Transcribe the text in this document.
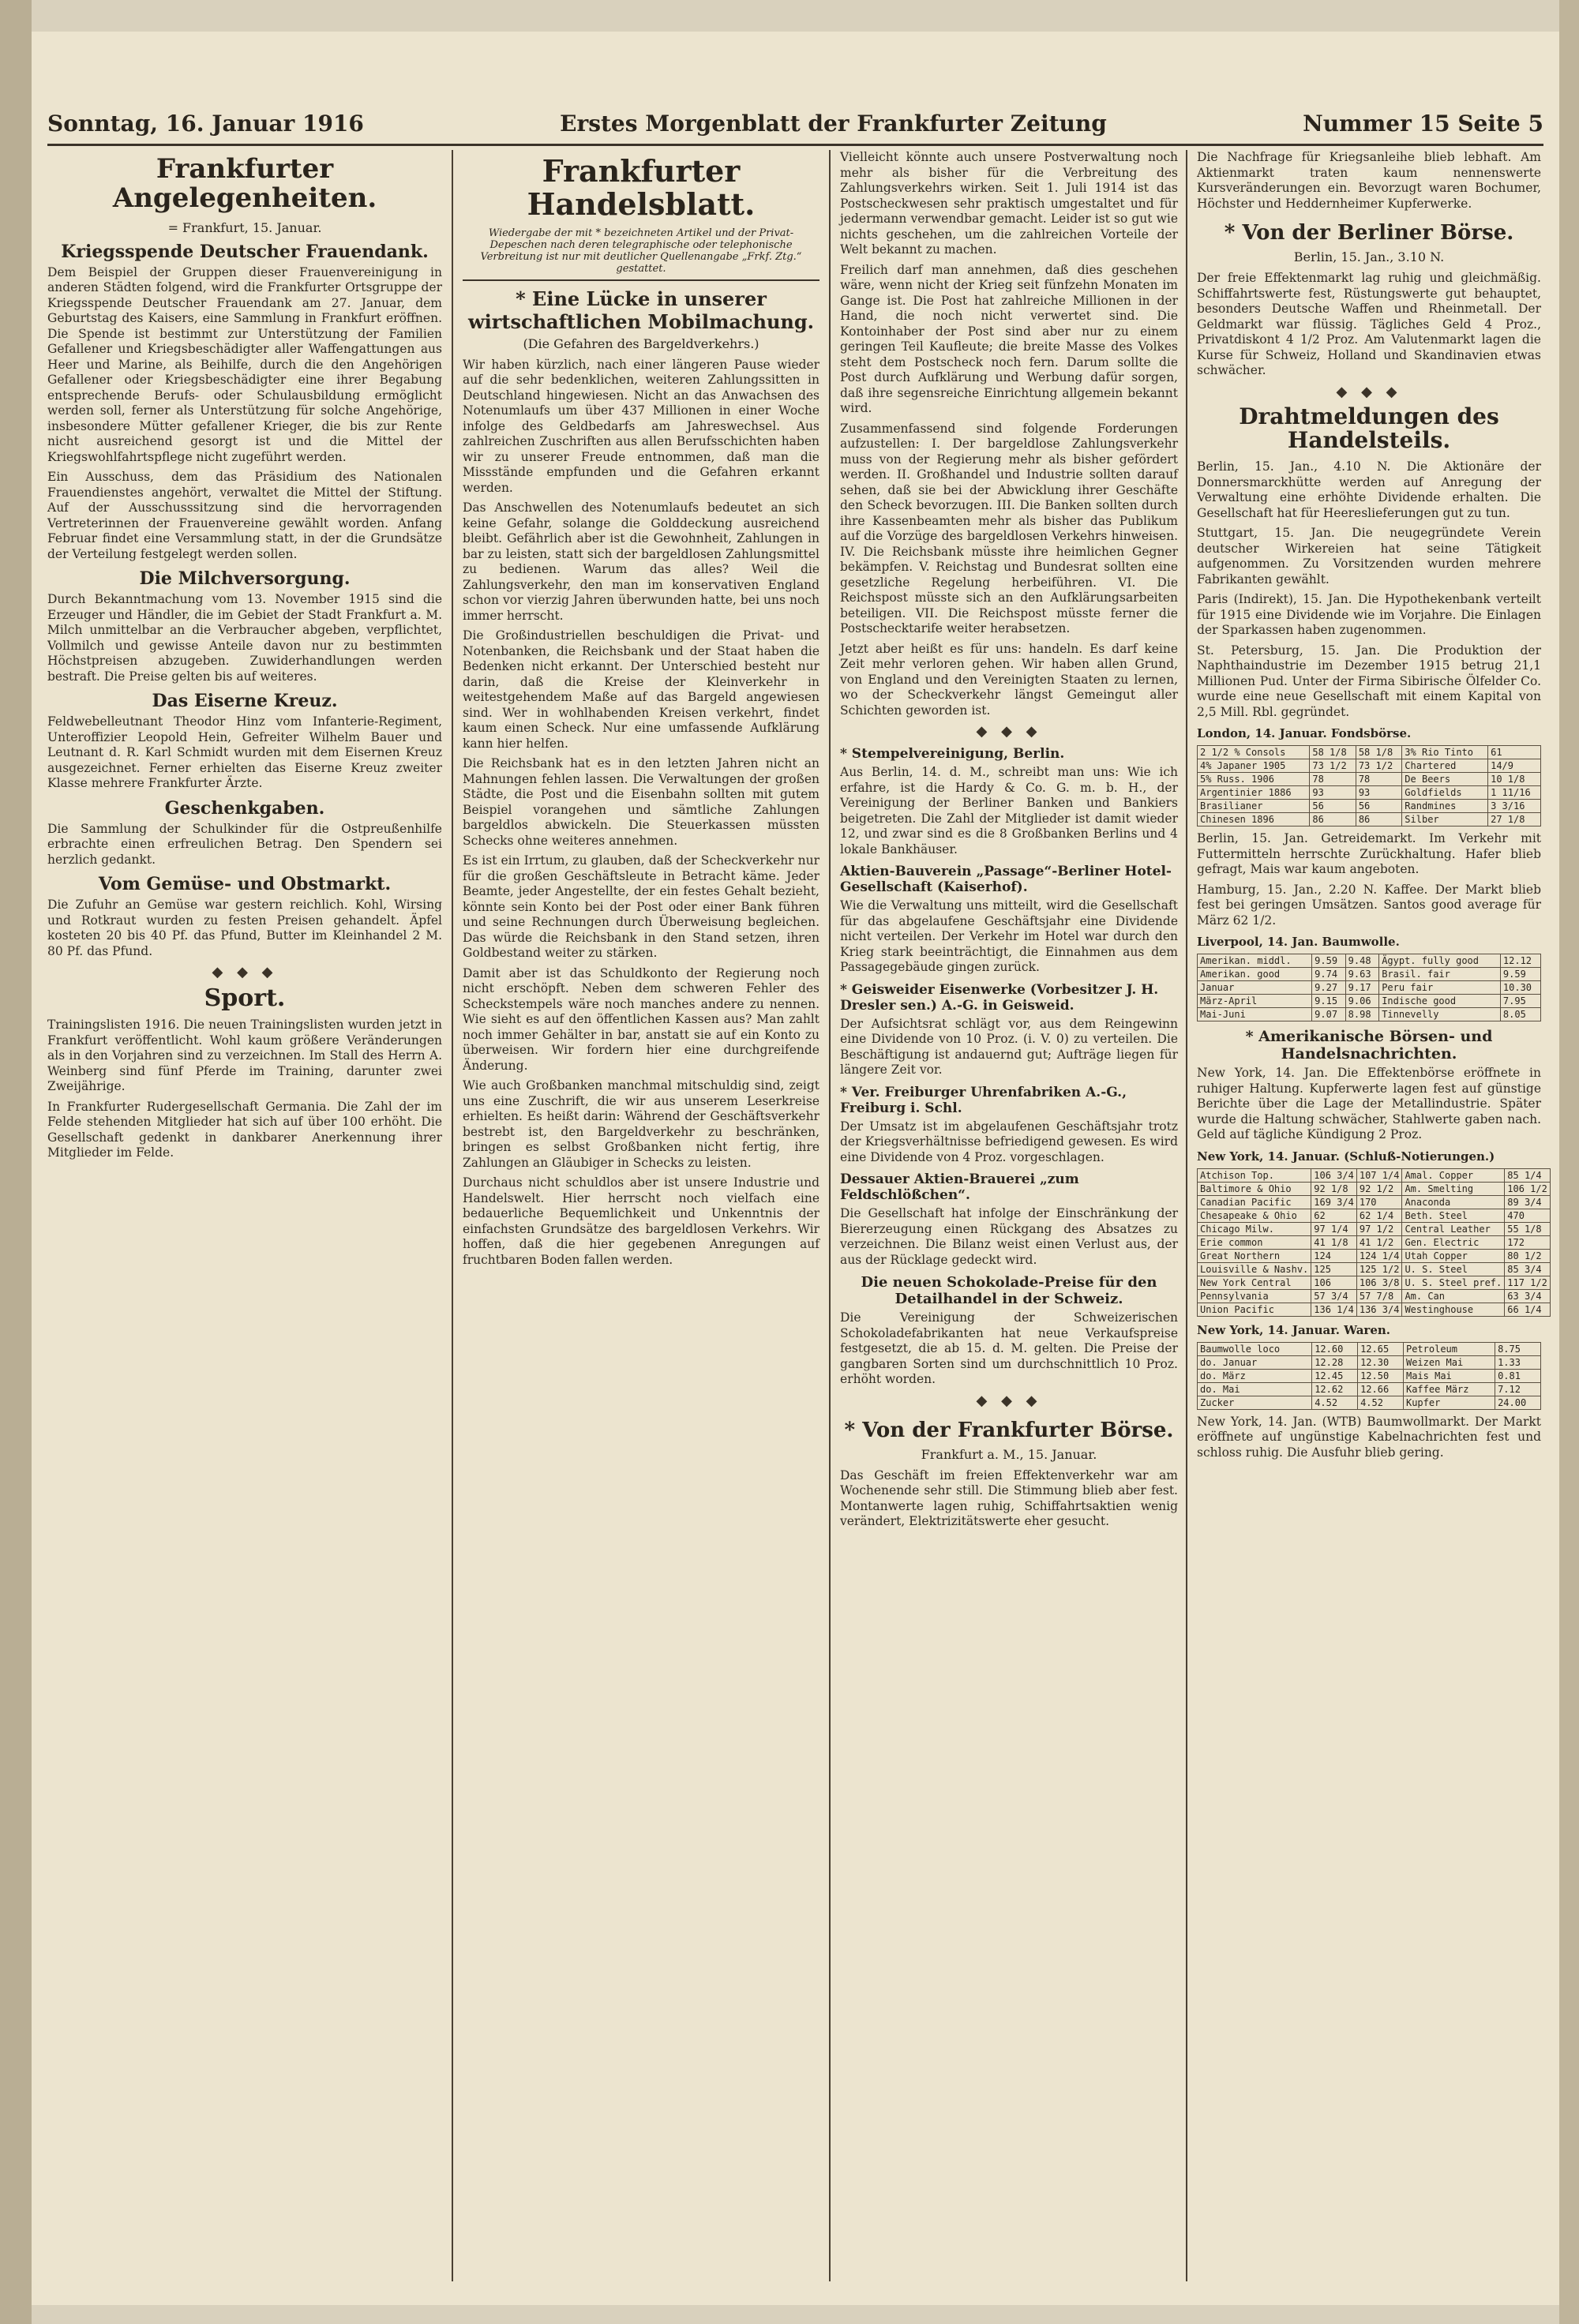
Sonntag, 16. Januar 1916	Erstes Morgenblatt der Frankfurter Zeitung	Nummer 15 Seite 5
Frankfurter Angelegenheiten.
= Frankfurt, 15. Januar.
Kriegsspende Deutscher Frauendank.

Dem Beispiel der Gruppen dieser Frauenvereinigung in anderen Städten folgend, wird die Frankfurter Ortsgruppe der Kriegsspende Deutscher Frauendank am 27. Januar, dem Geburtstag des Kaisers, eine Sammlung in Frankfurt eröffnen. Die Spende ist bestimmt zur Unterstützung der Familien Gefallener und Kriegsbeschädigter aller Waffengattungen aus Heer und Marine, als Beihilfe, durch die den Angehörigen Gefallener oder Kriegsbeschädigter eine ihrer Begabung entsprechende Berufs- oder Schulausbildung ermöglicht werden soll, ferner als Unterstützung für solche Angehörige, insbesondere Mütter gefallener Krieger, die bis zur Rente nicht ausreichend gesorgt ist und die Mittel der Kriegswohlfahrtspflege nicht zugeführt werden.

Ein Ausschuss, dem das Präsidium des Nationalen Frauendienstes angehört, verwaltet die Mittel der Stiftung. Auf der Ausschusssitzung sind die hervorragenden Vertreterinnen der Frauenvereine gewählt worden. Anfang Februar findet eine Versammlung statt, in der die Grundsätze der Verteilung festgelegt werden sollen.

Die Milchversorgung.

Durch Bekanntmachung vom 13. November 1915 sind die Erzeuger und Händler, die im Gebiet der Stadt Frankfurt a. M. Milch unmittelbar an die Verbraucher abgeben, verpflichtet, Vollmilch und gewisse Anteile davon nur zu bestimmten Höchstpreisen abzugeben. Zuwiderhandlungen werden bestraft. Die Preise gelten bis auf weiteres.

Das Eiserne Kreuz.

Feldwebelleutnant Theodor Hinz vom Infanterie-Regiment, Unteroffizier Leopold Hein, Gefreiter Wilhelm Bauer und Leutnant d. R. Karl Schmidt wurden mit dem Eisernen Kreuz ausgezeichnet. Ferner erhielten das Eiserne Kreuz zweiter Klasse mehrere Frankfurter Ärzte.

Geschenkgaben.

Die Sammlung der Schulkinder für die Ostpreußenhilfe erbrachte einen erfreulichen Betrag. Den Spendern sei herzlich gedankt.

Vom Gemüse- und Obstmarkt.

Die Zufuhr an Gemüse war gestern reichlich. Kohl, Wirsing und Rotkraut wurden zu festen Preisen gehandelt. Äpfel kosteten 20 bis 40 Pf. das Pfund, Butter im Kleinhandel 2 M. 80 Pf. das Pfund.

◆ ◆ ◆
Sport.

Trainingslisten 1916. Die neuen Trainingslisten wurden jetzt in Frankfurt veröffentlicht. Wohl kaum größere Veränderungen als in den Vorjahren sind zu verzeichnen. Im Stall des Herrn A. Weinberg sind fünf Pferde im Training, darunter zwei Zweijährige.

In Frankfurter Rudergesellschaft Germania. Die Zahl der im Felde stehenden Mitglieder hat sich auf über 100 erhöht. Die Gesellschaft gedenkt in dankbarer Anerkennung ihrer Mitglieder im Felde.

Frankfurter Handelsblatt.
Wiedergabe der mit * bezeichneten Artikel und der Privat-Depeschen nach deren telegraphische oder telephonische Verbreitung ist nur mit deutlicher Quellenangabe „Frkf. Ztg.“ gestattet.
* Eine Lücke in unserer wirtschaftlichen Mobilmachung.
(Die Gefahren des Bargeldverkehrs.)

Wir haben kürzlich, nach einer längeren Pause wieder auf die sehr bedenklichen, weiteren Zahlungssitten in Deutschland hingewiesen. Nicht an das Anwachsen des Notenumlaufs um über 437 Millionen in einer Woche infolge des Geldbedarfs am Jahreswechsel. Aus zahlreichen Zuschriften aus allen Berufsschichten haben wir zu unserer Freude entnommen, daß man die Missstände empfunden und die Gefahren erkannt werden.

Das Anschwellen des Notenumlaufs bedeutet an sich keine Gefahr, solange die Golddeckung ausreichend bleibt. Gefährlich aber ist die Gewohnheit, Zahlungen in bar zu leisten, statt sich der bargeldlosen Zahlungsmittel zu bedienen. Warum das alles? Weil die Zahlungsverkehr, den man im konservativen England schon vor vierzig Jahren überwunden hatte, bei uns noch immer herrscht.

Die Großindustriellen beschuldigen die Privat- und Notenbanken, die Reichsbank und der Staat haben die Bedenken nicht erkannt. Der Unterschied besteht nur darin, daß die Kreise der Kleinverkehr in weitestgehendem Maße auf das Bargeld angewiesen sind. Wer in wohlhabenden Kreisen verkehrt, findet kaum einen Scheck. Nur eine umfassende Aufklärung kann hier helfen.

Die Reichsbank hat es in den letzten Jahren nicht an Mahnungen fehlen lassen. Die Verwaltungen der großen Städte, die Post und die Eisenbahn sollten mit gutem Beispiel vorangehen und sämtliche Zahlungen bargeldlos abwickeln. Die Steuerkassen müssten Schecks ohne weiteres annehmen.

Es ist ein Irrtum, zu glauben, daß der Scheckverkehr nur für die großen Geschäftsleute in Betracht käme. Jeder Beamte, jeder Angestellte, der ein festes Gehalt bezieht, könnte sein Konto bei der Post oder einer Bank führen und seine Rechnungen durch Überweisung begleichen. Das würde die Reichsbank in den Stand setzen, ihren Goldbestand weiter zu stärken.

Damit aber ist das Schuldkonto der Regierung noch nicht erschöpft. Neben dem schweren Fehler des Scheckstempels wäre noch manches andere zu nennen. Wie sieht es auf den öffentlichen Kassen aus? Man zahlt noch immer Gehälter in bar, anstatt sie auf ein Konto zu überweisen. Wir fordern hier eine durchgreifende Änderung.

Wie auch Großbanken manchmal mitschuldig sind, zeigt uns eine Zuschrift, die wir aus unserem Leserkreise erhielten. Es heißt darin: Während der Geschäftsverkehr bestrebt ist, den Bargeldverkehr zu beschränken, bringen es selbst Großbanken nicht fertig, ihre Zahlungen an Gläubiger in Schecks zu leisten.

Durchaus nicht schuldlos aber ist unsere Industrie und Handelswelt. Hier herrscht noch vielfach eine bedauerliche Bequemlichkeit und Unkenntnis der einfachsten Grundsätze des bargeldlosen Verkehrs. Wir hoffen, daß die hier gegebenen Anregungen auf fruchtbaren Boden fallen werden.

Vielleicht könnte auch unsere Postverwaltung noch mehr als bisher für die Verbreitung des Zahlungsverkehrs wirken. Seit 1. Juli 1914 ist das Postscheckwesen sehr praktisch umgestaltet und für jedermann verwendbar gemacht. Leider ist so gut wie nichts geschehen, um die zahlreichen Vorteile der Welt bekannt zu machen.

Freilich darf man annehmen, daß dies geschehen wäre, wenn nicht der Krieg seit fünfzehn Monaten im Gange ist. Die Post hat zahlreiche Millionen in der Hand, die noch nicht verwertet sind. Die Kontoinhaber der Post sind aber nur zu einem geringen Teil Kaufleute; die breite Masse des Volkes steht dem Postscheck noch fern. Darum sollte die Post durch Aufklärung und Werbung dafür sorgen, daß ihre segensreiche Einrichtung allgemein bekannt wird.

Zusammenfassend sind folgende Forderungen aufzustellen: I. Der bargeldlose Zahlungsverkehr muss von der Regierung mehr als bisher gefördert werden. II. Großhandel und Industrie sollten darauf sehen, daß sie bei der Abwicklung ihrer Geschäfte den Scheck bevorzugen. III. Die Banken sollten durch ihre Kassenbeamten mehr als bisher das Publikum auf die Vorzüge des bargeldlosen Verkehrs hinweisen. IV. Die Reichsbank müsste ihre heimlichen Gegner bekämpfen. V. Reichstag und Bundesrat sollten eine gesetzliche Regelung herbeiführen. VI. Die Reichspost müsste sich an den Aufklärungsarbeiten beteiligen. VII. Die Reichspost müsste ferner die Postschecktarife weiter herabsetzen.

Jetzt aber heißt es für uns: handeln. Es darf keine Zeit mehr verloren gehen. Wir haben allen Grund, von England und den Vereinigten Staaten zu lernen, wo der Scheckverkehr längst Gemeingut aller Schichten geworden ist.

◆ ◆ ◆
* Stempelvereinigung, Berlin.

Aus Berlin, 14. d. M., schreibt man uns: Wie ich erfahre, ist die Hardy & Co. G. m. b. H., der Vereinigung der Berliner Banken und Bankiers beigetreten. Die Zahl der Mitglieder ist damit wieder 12, und zwar sind es die 8 Großbanken Berlins und 4 lokale Bankhäuser.

Aktien-Bauverein „Passage“-Berliner Hotel-Gesellschaft (Kaiserhof).

Wie die Verwaltung uns mitteilt, wird die Gesellschaft für das abgelaufene Geschäftsjahr eine Dividende nicht verteilen. Der Verkehr im Hotel war durch den Krieg stark beeinträchtigt, die Einnahmen aus dem Passagegebäude gingen zurück.

* Geisweider Eisenwerke (Vorbesitzer J. H. Dresler sen.) A.-G. in Geisweid.

Der Aufsichtsrat schlägt vor, aus dem Reingewinn eine Dividende von 10 Proz. (i. V. 0) zu verteilen. Die Beschäftigung ist andauernd gut; Aufträge liegen für längere Zeit vor.

* Ver. Freiburger Uhrenfabriken A.-G., Freiburg i. Schl.

Der Umsatz ist im abgelaufenen Geschäftsjahr trotz der Kriegsverhältnisse befriedigend gewesen. Es wird eine Dividende von 4 Proz. vorgeschlagen.

Dessauer Aktien-Brauerei „zum Feldschlößchen“.

Die Gesellschaft hat infolge der Einschränkung der Biererzeugung einen Rückgang des Absatzes zu verzeichnen. Die Bilanz weist einen Verlust aus, der aus der Rücklage gedeckt wird.

Die neuen Schokolade-Preise für den Detailhandel in der Schweiz.

Die Vereinigung der Schweizerischen Schokoladefabrikanten hat neue Verkaufspreise festgesetzt, die ab 15. d. M. gelten. Die Preise der gangbaren Sorten sind um durchschnittlich 10 Proz. erhöht worden.

◆ ◆ ◆
* Von der Frankfurter Börse.
Frankfurt a. M., 15. Januar.

Das Geschäft im freien Effektenverkehr war am Wochenende sehr still. Die Stimmung blieb aber fest. Montanwerte lagen ruhig, Schiffahrtsaktien wenig verändert, Elektrizitätswerte eher gesucht.

Die Nachfrage für Kriegsanleihe blieb lebhaft. Am Aktienmarkt traten kaum nennenswerte Kursveränderungen ein. Bevorzugt waren Bochumer, Höchster und Heddernheimer Kupferwerke.

* Von der Berliner Börse.
Berlin, 15. Jan., 3.10 N.

Der freie Effektenmarkt lag ruhig und gleichmäßig. Schiffahrtswerte fest, Rüstungswerte gut behauptet, besonders Deutsche Waffen und Rheinmetall. Der Geldmarkt war flüssig. Tägliches Geld 4 Proz., Privatdiskont 4 1/2 Proz. Am Valutenmarkt lagen die Kurse für Schweiz, Holland und Skandinavien etwas schwächer.

◆ ◆ ◆
Drahtmeldungen des Handelsteils.

Berlin, 15. Jan., 4.10 N. Die Aktionäre der Donnersmarckhütte werden auf Anregung der Verwaltung eine erhöhte Dividende erhalten. Die Gesellschaft hat für Heereslieferungen gut zu tun.

Stuttgart, 15. Jan. Die neugegründete Verein deutscher Wirkereien hat seine Tätigkeit aufgenommen. Zu Vorsitzenden wurden mehrere Fabrikanten gewählt.

Paris (Indirekt), 15. Jan. Die Hypothekenbank verteilt für 1915 eine Dividende wie im Vorjahre. Die Einlagen der Sparkassen haben zugenommen.

St. Petersburg, 15. Jan. Die Produktion der Naphthaindustrie im Dezember 1915 betrug 21,1 Millionen Pud. Unter der Firma Sibirische Ölfelder Co. wurde eine neue Gesellschaft mit einem Kapital von 2,5 Mill. Rbl. gegründet.

London, 14. Januar. Fondsbörse.
2 1/2 % Consols	58 1/8	58 1/8	3% Rio Tinto	61
4% Japaner 1905	73 1/2	73 1/2	Chartered	14/9
5% Russ. 1906	78	78	De Beers	10 1/8
Argentinier 1886	93	93	Goldfields	1 11/16
Brasilianer	56	56	Randmines	3 3/16
Chinesen 1896	86	86	Silber	27 1/8

Berlin, 15. Jan. Getreidemarkt. Im Verkehr mit Futtermitteln herrschte Zurückhaltung. Hafer blieb gefragt, Mais war kaum angeboten.

Hamburg, 15. Jan., 2.20 N. Kaffee. Der Markt blieb fest bei geringen Umsätzen. Santos good average für März 62 1/2.

Liverpool, 14. Jan. Baumwolle.
Amerikan. middl.	9.59	9.48	Ägypt. fully good	12.12
Amerikan. good	9.74	9.63	Brasil. fair	9.59
Januar	9.27	9.17	Peru fair	10.30
März-April	9.15	9.06	Indische good	7.95
Mai-Juni	9.07	8.98	Tinnevelly	8.05
* Amerikanische Börsen- und Handelsnachrichten.

New York, 14. Jan. Die Effektenbörse eröffnete in ruhiger Haltung. Kupferwerte lagen fest auf günstige Berichte über die Lage der Metallindustrie. Später wurde die Haltung schwächer, Stahlwerte gaben nach. Geld auf tägliche Kündigung 2 Proz.

New York, 14. Januar. (Schluß-Notierungen.)
Atchison Top.	106 3/4	107 1/4	Amal. Copper	85 1/4
Baltimore & Ohio	92 1/8	92 1/2	Am. Smelting	106 1/2
Canadian Pacific	169 3/4	170	Anaconda	89 3/4
Chesapeake & Ohio	62	62 1/4	Beth. Steel	470
Chicago Milw.	97 1/4	97 1/2	Central Leather	55 1/8
Erie common	41 1/8	41 1/2	Gen. Electric	172
Great Northern	124	124 1/4	Utah Copper	80 1/2
Louisville & Nashv.	125	125 1/2	U. S. Steel	85 3/4
New York Central	106	106 3/8	U. S. Steel pref.	117 1/2
Pennsylvania	57 3/4	57 7/8	Am. Can	63 3/4
Union Pacific	136 1/4	136 3/4	Westinghouse	66 1/4
New York, 14. Januar. Waren.
Baumwolle loco	12.60	12.65	Petroleum	8.75
do. Januar	12.28	12.30	Weizen Mai	1.33
do. März	12.45	12.50	Mais Mai	0.81
do. Mai	12.62	12.66	Kaffee März	7.12
Zucker	4.52	4.52	Kupfer	24.00

New York, 14. Jan. (WTB) Baumwollmarkt. Der Markt eröffnete auf ungünstige Kabelnachrichten fest und schloss ruhig. Die Ausfuhr blieb gering.
